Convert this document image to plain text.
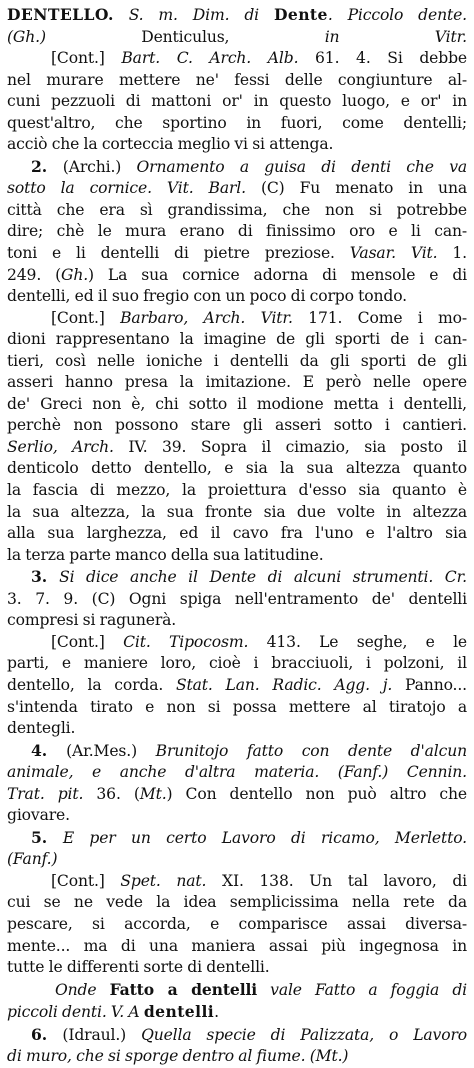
DENTELLO. S. m. Dim. di Dente. Piccolo dente.
(Gh.) Denticulus, in Vitr.
[Cont.] Bart. C. Arch. Alb. 61. 4. Si debbe
nel murare mettere ne' fessi delle congiunture al-
cuni pezzuoli di mattoni or' in questo luogo, e or' in
quest'altro, che sportino in fuori, come dentelli;
acciò che la corteccia meglio vi si attenga.
2. (Archi.) Ornamento a guisa di denti che va
sotto la cornice. Vit. Barl. (C) Fu menato in una
città che era sì grandissima, che non si potrebbe
dire; chè le mura erano di finissimo oro e li can-
toni e li dentelli di pietre preziose. Vasar. Vit. 1.
249. (Gh.) La sua cornice adorna di mensole e di
dentelli, ed il suo fregio con un poco di corpo tondo.
[Cont.] Barbaro, Arch. Vitr. 171. Come i mo-
dioni rappresentano la imagine de gli sporti de i can-
tieri, così nelle ioniche i dentelli da gli sporti de gli
asseri hanno presa la imitazione. E però nelle opere
de' Greci non è, chi sotto il modione metta i dentelli,
perchè non possono stare gli asseri sotto i cantieri.
Serlio, Arch. IV. 39. Sopra il cimazio, sia posto il
denticolo detto dentello, e sia la sua altezza quanto
la fascia di mezzo, la proiettura d'esso sia quanto è
la sua altezza, la sua fronte sia due volte in altezza
alla sua larghezza, ed il cavo fra l'uno e l'altro sia
la terza parte manco della sua latitudine.
3. Si dice anche il Dente di alcuni strumenti. Cr.
3. 7. 9. (C) Ogni spiga nell'entramento de' dentelli
compresi si ragunerà.
[Cont.] Cit. Tipocosm. 413. Le seghe, e le
parti, e maniere loro, cioè i bracciuoli, i polzoni, il
dentello, la corda. Stat. Lan. Radic. Agg. j. Panno...
s'intenda tirato e non si possa mettere al tiratojo a
dentegli.
4. (Ar.Mes.) Brunitojo fatto con dente d'alcun
animale, e anche d'altra materia. (Fanf.) Cennin.
Trat. pit. 36. (Mt.) Con dentello non può altro che
giovare.
5. E per un certo Lavoro di ricamo, Merletto.
(Fanf.)
[Cont.] Spet. nat. XI. 138. Un tal lavoro, di
cui se ne vede la idea semplicissima nella rete da
pescare, si accorda, e comparisce assai diversa-
mente... ma di una maniera assai più ingegnosa in
tutte le differenti sorte di dentelli.
Onde Fatto a dentelli vale Fatto a foggia di
piccoli denti. V. A dentelli.
6. (Idraul.) Quella specie di Palizzata, o Lavoro
di muro, che si sporge dentro al fiume. (Mt.)
